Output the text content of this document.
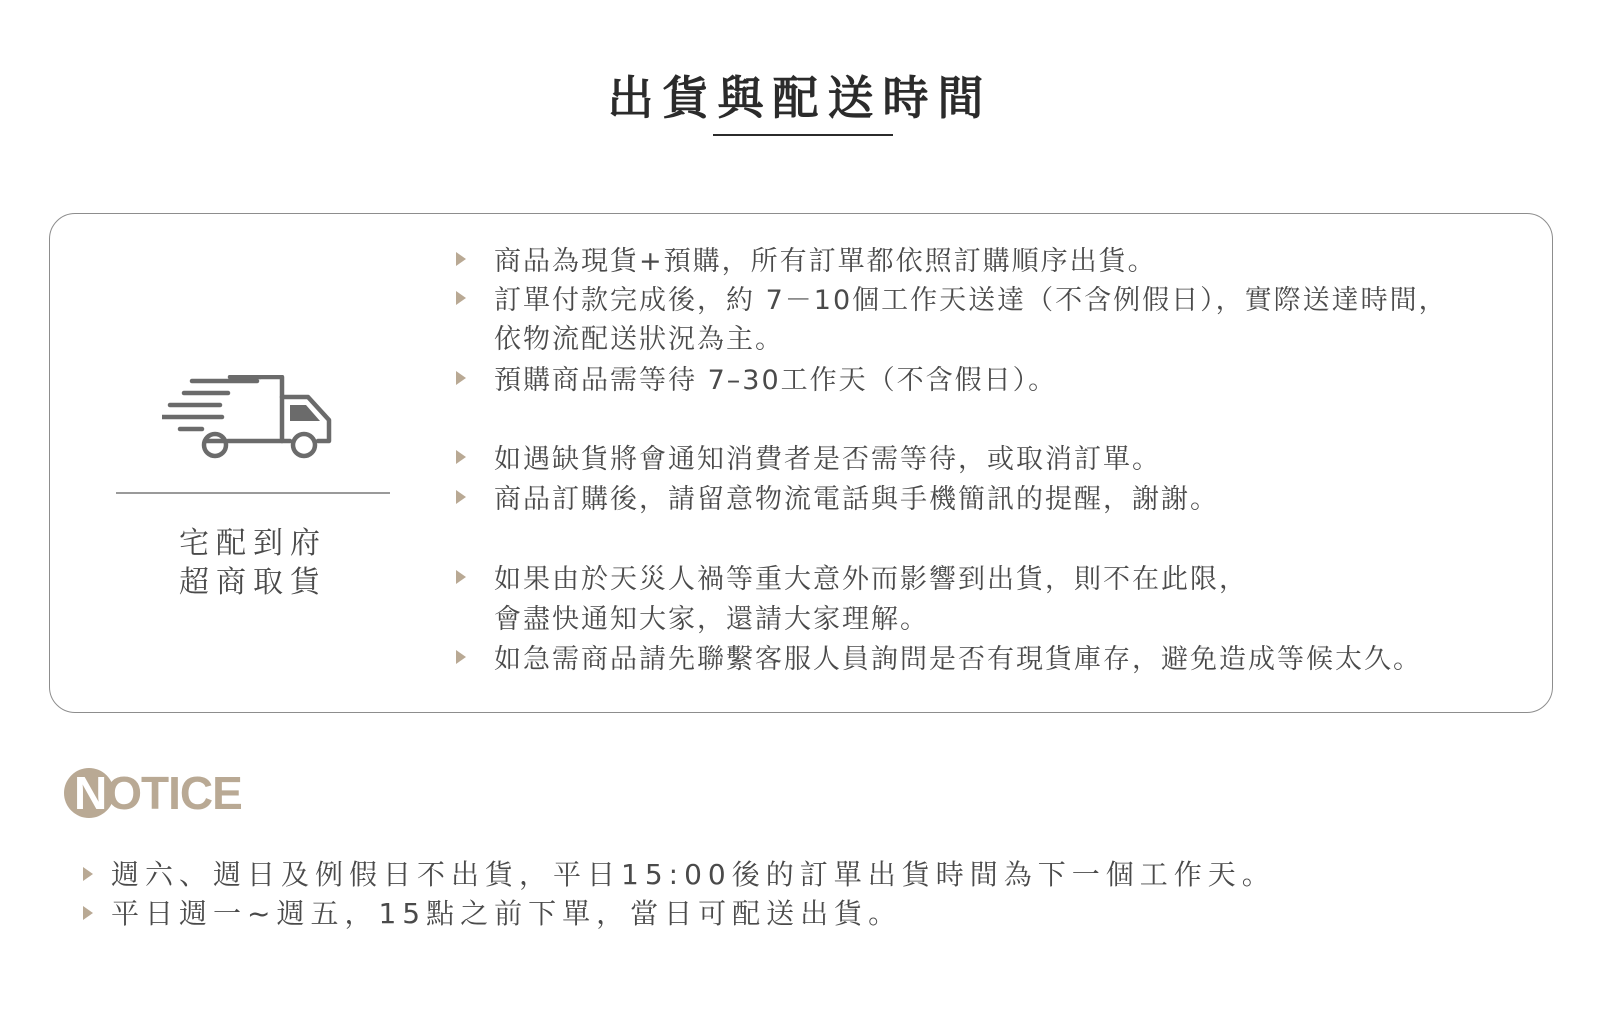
出貨與配送時間
宅配到府
超商取貨
商品為現貨+預購，所有訂單都依照訂購順序出貨。
訂單付款完成後，約 7－10個工作天送達（不含例假日），實際送達時間，
依物流配送狀況為主。
預購商品需等待 7–30工作天（不含假日）。
如遇缺貨將會通知消費者是否需等待，或取消訂單。
商品訂購後，請留意物流電話與手機簡訊的提醒，謝謝。
如果由於天災人禍等重大意外而影響到出貨，則不在此限，
會盡快通知大家，還請大家理解。
如急需商品請先聯繫客服人員詢問是否有現貨庫存，避免造成等候太久。
NOTICE
週六、週日及例假日不出貨，平日15:00後的訂單出貨時間為下一個工作天。
平日週一~週五，15點之前下單，當日可配送出貨。
